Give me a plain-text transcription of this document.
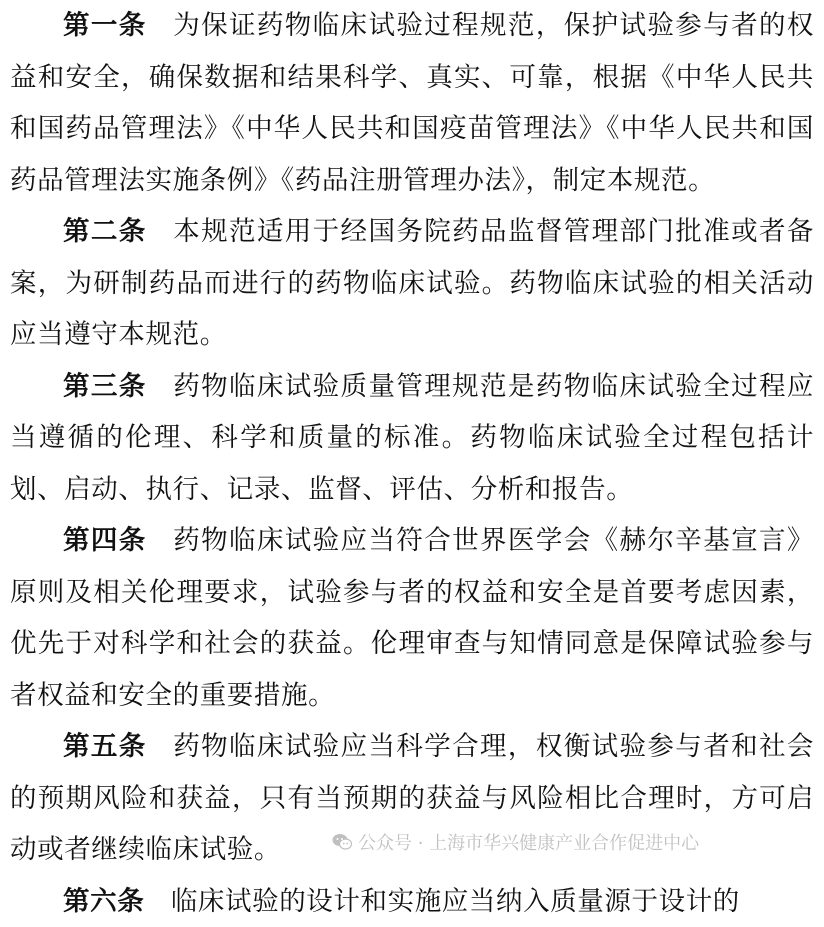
第一条 为保证药物临床试验过程规范，保护试验参与者的权益和安全，确保数据和结果科学、真实、可靠，根据《中华人民共和国药品管理法》《中华人民共和国疫苗管理法》《中华人民共和国药品管理法实施条例》《药品注册管理办法》，制定本规范。

第二条 本规范适用于经国务院药品监督管理部门批准或者备案，为研制药品而进行的药物临床试验。药物临床试验的相关活动应当遵守本规范。

第三条 药物临床试验质量管理规范是药物临床试验全过程应当遵循的伦理、科学和质量的标准。药物临床试验全过程包括计划、启动、执行、记录、监督、评估、分析和报告。

第四条 药物临床试验应当符合世界医学会《赫尔辛基宣言》原则及相关伦理要求，试验参与者的权益和安全是首要考虑因素，优先于对科学和社会的获益。伦理审查与知情同意是保障试验参与者权益和安全的重要措施。

第五条 药物临床试验应当科学合理，权衡试验参与者和社会的预期风险和获益，只有当预期的获益与风险相比合理时，方可启动或者继续临床试验。

第六条 临床试验的设计和实施应当纳入质量源于设计的

公众号 · 上海市华兴健康产业合作促进中心
